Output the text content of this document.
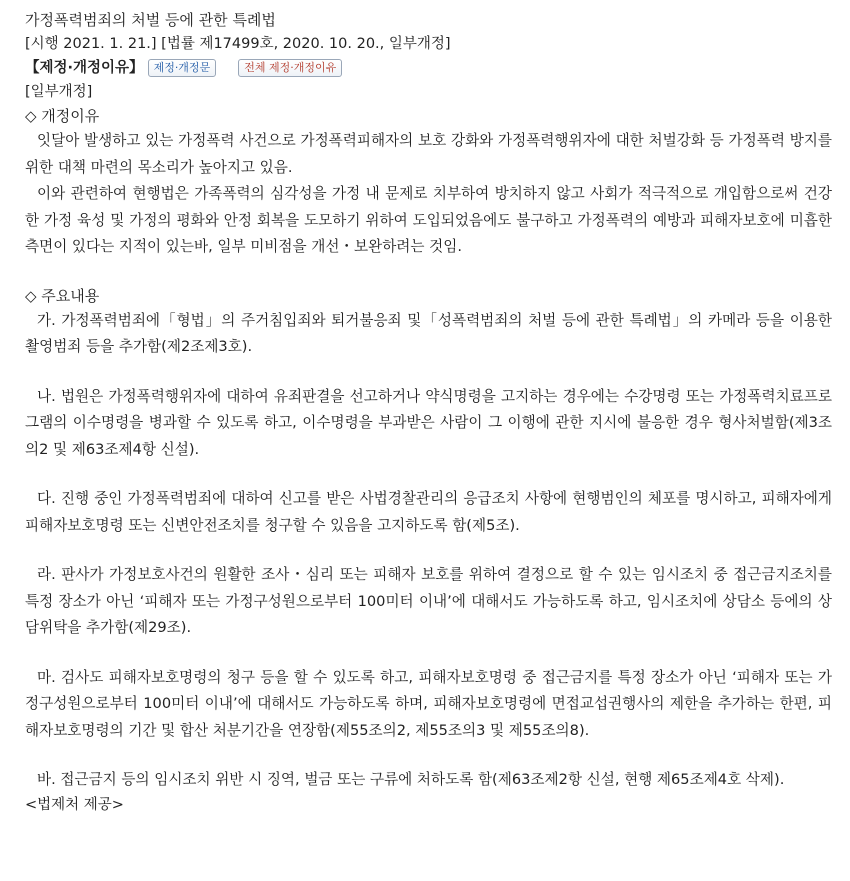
가정폭력범죄의 처벌 등에 관한 특례법
[시행 2021. 1. 21.] [법률 제17499호, 2020. 10. 20., 일부개정]
【제정·개정이유】 제정·개정문	전체 제정·개정이유
[일부개정]
◇ 개정이유
잇달아 발생하고 있는 가정폭력 사건으로 가정폭력피해자의 보호 강화와 가정폭력행위자에 대한 처벌강화 등 가정폭력 방지를 위한 대책 마련의 목소리가 높아지고 있음.
이와 관련하여 현행법은 가족폭력의 심각성을 가정 내 문제로 치부하여 방치하지 않고 사회가 적극적으로 개입함으로써 건강한 가정 육성 및 가정의 평화와 안정 회복을 도모하기 위하여 도입되었음에도 불구하고 가정폭력의 예방과 피해자보호에 미흡한 측면이 있다는 지적이 있는바, 일부 미비점을 개선・보완하려는 것임.
◇ 주요내용
가. 가정폭력범죄에「형법」의 주거침입죄와 퇴거불응죄 및「성폭력범죄의 처벌 등에 관한 특례법」의 카메라 등을 이용한 촬영범죄 등을 추가함(제2조제3호).
나. 법원은 가정폭력행위자에 대하여 유죄판결을 선고하거나 약식명령을 고지하는 경우에는 수강명령 또는 가정폭력치료프로그램의 이수명령을 병과할 수 있도록 하고, 이수명령을 부과받은 사람이 그 이행에 관한 지시에 불응한 경우 형사처벌함(제3조의2 및 제63조제4항 신설).
다. 진행 중인 가정폭력범죄에 대하여 신고를 받은 사법경찰관리의 응급조치 사항에 현행범인의 체포를 명시하고, 피해자에게 피해자보호명령 또는 신변안전조치를 청구할 수 있음을 고지하도록 함(제5조).
라. 판사가 가정보호사건의 원활한 조사・심리 또는 피해자 보호를 위하여 결정으로 할 수 있는 임시조치 중 접근금지조치를 특정 장소가 아닌 ‘피해자 또는 가정구성원으로부터 100미터 이내’에 대해서도 가능하도록 하고, 임시조치에 상담소 등에의 상담위탁을 추가함(제29조).
마. 검사도 피해자보호명령의 청구 등을 할 수 있도록 하고, 피해자보호명령 중 접근금지를 특정 장소가 아닌 ‘피해자 또는 가정구성원으로부터 100미터 이내’에 대해서도 가능하도록 하며, 피해자보호명령에 면접교섭권행사의 제한을 추가하는 한편, 피해자보호명령의 기간 및 합산 처분기간을 연장함(제55조의2, 제55조의3 및 제55조의8).
바. 접근금지 등의 임시조치 위반 시 징역, 벌금 또는 구류에 처하도록 함(제63조제2항 신설, 현행 제65조제4호 삭제).
<법제처 제공>
